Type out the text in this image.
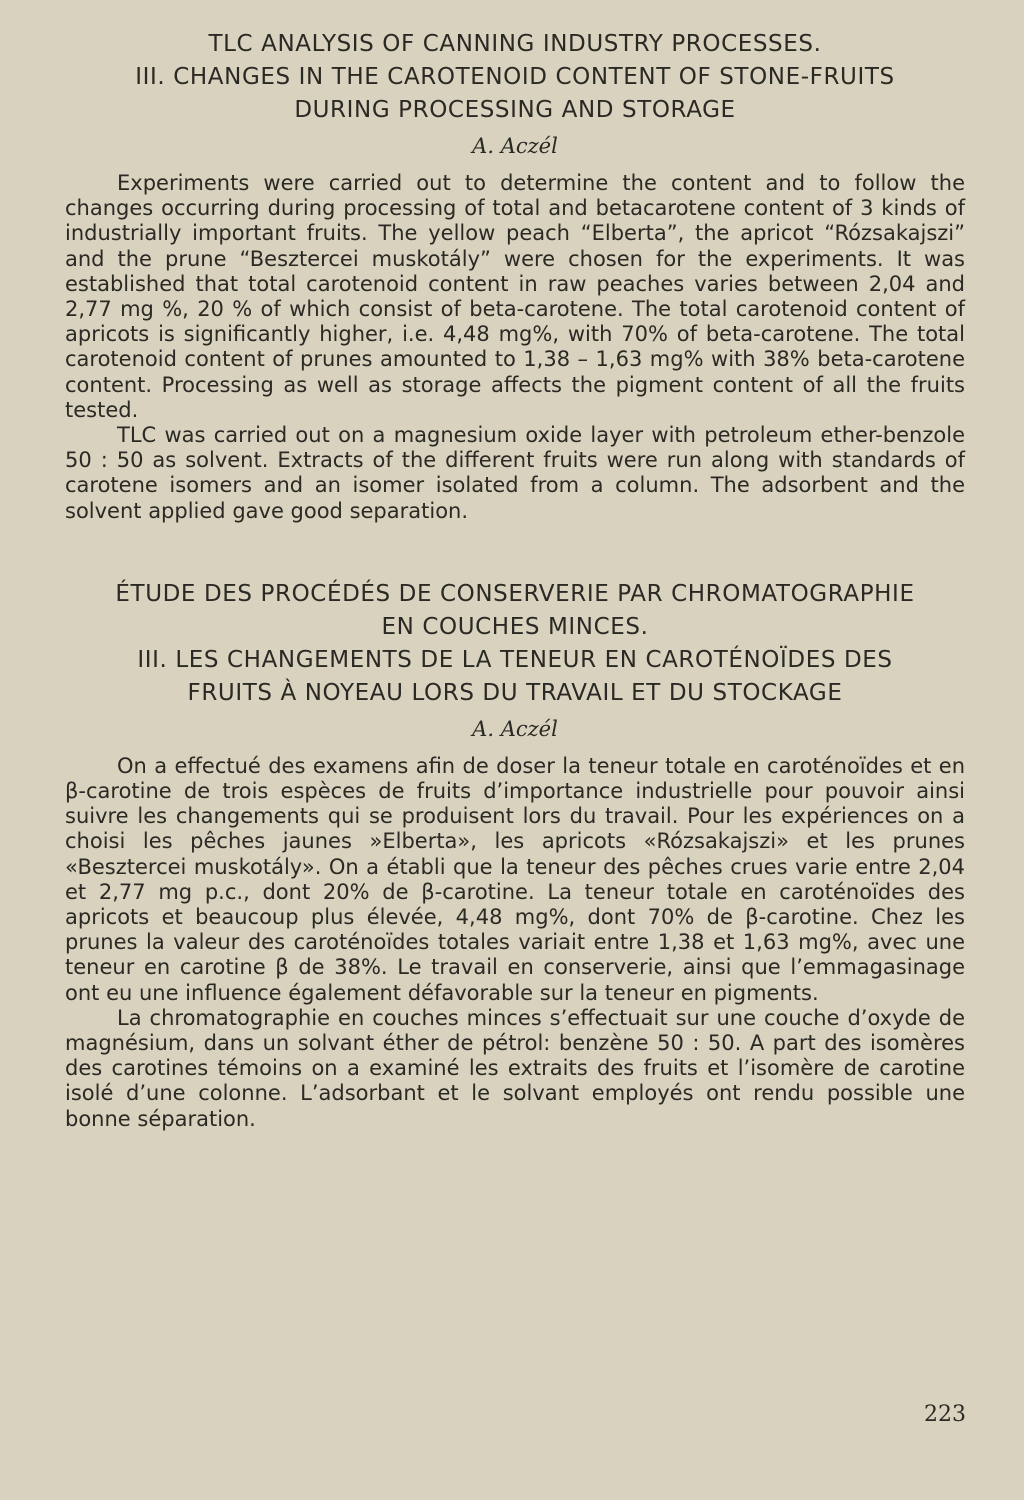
TLC ANALYSIS OF CANNING INDUSTRY PROCESSES.
III. CHANGES IN THE CAROTENOID CONTENT OF STONE-FRUITS
DURING PROCESSING AND STORAGE
A. Aczél

Experiments were carried out to determine the content and to follow the changes occurring during processing of total and betacarotene content of 3 kinds of industrially important fruits. The yellow peach “Elberta”, the apricot “Rózsakajszi” and the prune “Besztercei muskotály” were chosen for the experiments. It was established that total carotenoid content in raw peaches varies between 2,04 and 2,77 mg %, 20 % of which consist of beta-carotene. The total carotenoid content of apricots is significantly higher, i.e. 4,48 mg%, with 70% of beta-carotene. The total carotenoid content of prunes amounted to 1,38 – 1,63 mg% with 38% beta-carotene content. Processing as well as storage affects the pigment content of all the fruits tested.

TLC was carried out on a magnesium oxide layer with petroleum ether-benzole 50 : 50 as solvent. Extracts of the different fruits were run along with standards of carotene isomers and an isomer isolated from a column. The adsorbent and the solvent applied gave good separation.

ÉTUDE DES PROCÉDÉS DE CONSERVERIE PAR CHROMATOGRAPHIE
EN COUCHES MINCES.
III. LES CHANGEMENTS DE LA TENEUR EN CAROTÉNOÏDES DES
FRUITS À NOYEAU LORS DU TRAVAIL ET DU STOCKAGE
A. Aczél

On a effectué des examens afin de doser la teneur totale en caroténoïdes et en β-carotine de trois espèces de fruits d’importance industrielle pour pouvoir ainsi suivre les changements qui se produisent lors du travail. Pour les expériences on a choisi les pêches jaunes »Elberta», les apricots «Rózsakajszi» et les prunes «Besztercei muskotály». On a établi que la teneur des pêches crues varie entre 2,04 et 2,77 mg p.c., dont 20% de β-carotine. La teneur totale en caroténoïdes des apricots et beaucoup plus élevée, 4,48 mg%, dont 70% de β-carotine. Chez les prunes la valeur des caroténoïdes totales variait entre 1,38 et 1,63 mg%, avec une teneur en carotine β de 38%. Le travail en conserverie, ainsi que l’emmagasinage ont eu une influence également défavorable sur la teneur en pigments.

La chromatographie en couches minces s’effectuait sur une couche d’oxyde de magnésium, dans un solvant éther de pétrol: benzène 50 : 50. A part des isomères des carotines témoins on a examiné les extraits des fruits et l’isomère de carotine isolé d’une colonne. L’adsorbant et le solvant employés ont rendu possible une bonne séparation.

223
